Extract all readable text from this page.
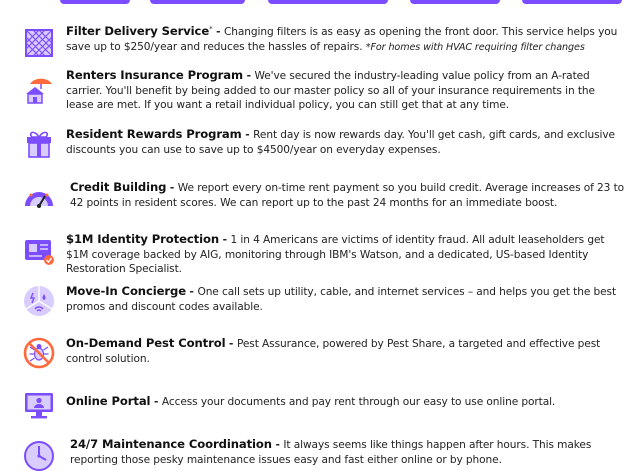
Filter Delivery Service* - Changing filters is as easy as opening the front door. This service helps you save up to $250/year and reduces the hassles of repairs. *For homes with HVAC requiring filter changes
Renters Insurance Program - We've secured the industry-leading value policy from an A-rated carrier. You'll benefit by being added to our master policy so all of your insurance requirements in the lease are met. If you want a retail individual policy, you can still get that at any time.
Resident Rewards Program - Rent day is now rewards day. You'll get cash, gift cards, and exclusive discounts you can use to save up to $4500/year on everyday expenses.
Credit Building - We report every on-time rent payment so you build credit. Average increases of 23 to 42 points in resident scores. We can report up to the past 24 months for an immediate boost.
$1M Identity Protection - 1 in 4 Americans are victims of identity fraud. All adult leaseholders get $1M coverage backed by AIG, monitoring through IBM's Watson, and a dedicated, US-based Identity Restoration Specialist.
Move-In Concierge - One call sets up utility, cable, and internet services – and helps you get the best promos and discount codes available.
On-Demand Pest Control - Pest Assurance, powered by Pest Share, a targeted and effective pest control solution.
Online Portal - Access your documents and pay rent through our easy to use online portal.
24/7 Maintenance Coordination - It always seems like things happen after hours. This makes reporting those pesky maintenance issues easy and fast either online or by phone.
